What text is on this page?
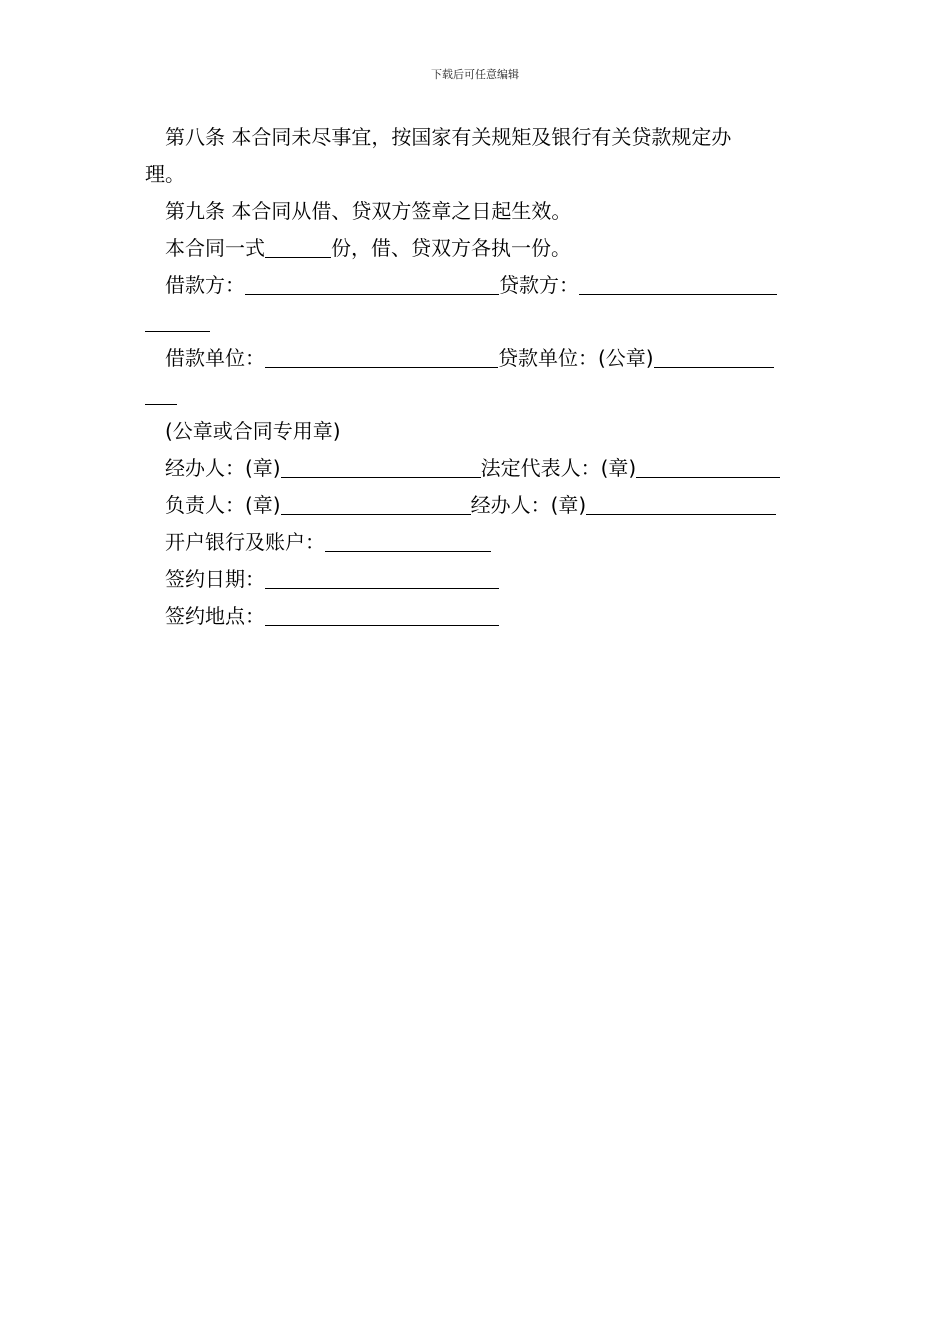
下载后可任意编辑
第八条 本合同未尽事宜，按国家有关规矩及银行有关贷款规定办
理。
第九条 本合同从借、贷双方签章之日起生效。
本合同一式	份，借、贷双方各执一份。
借款方：	贷款方：
借款单位：	贷款单位：(公章)
(公章或合同专用章)
经办人：(章)	法定代表人：(章)
负责人：(章)	经办人：(章)
开户银行及账户：
签约日期：
签约地点：
